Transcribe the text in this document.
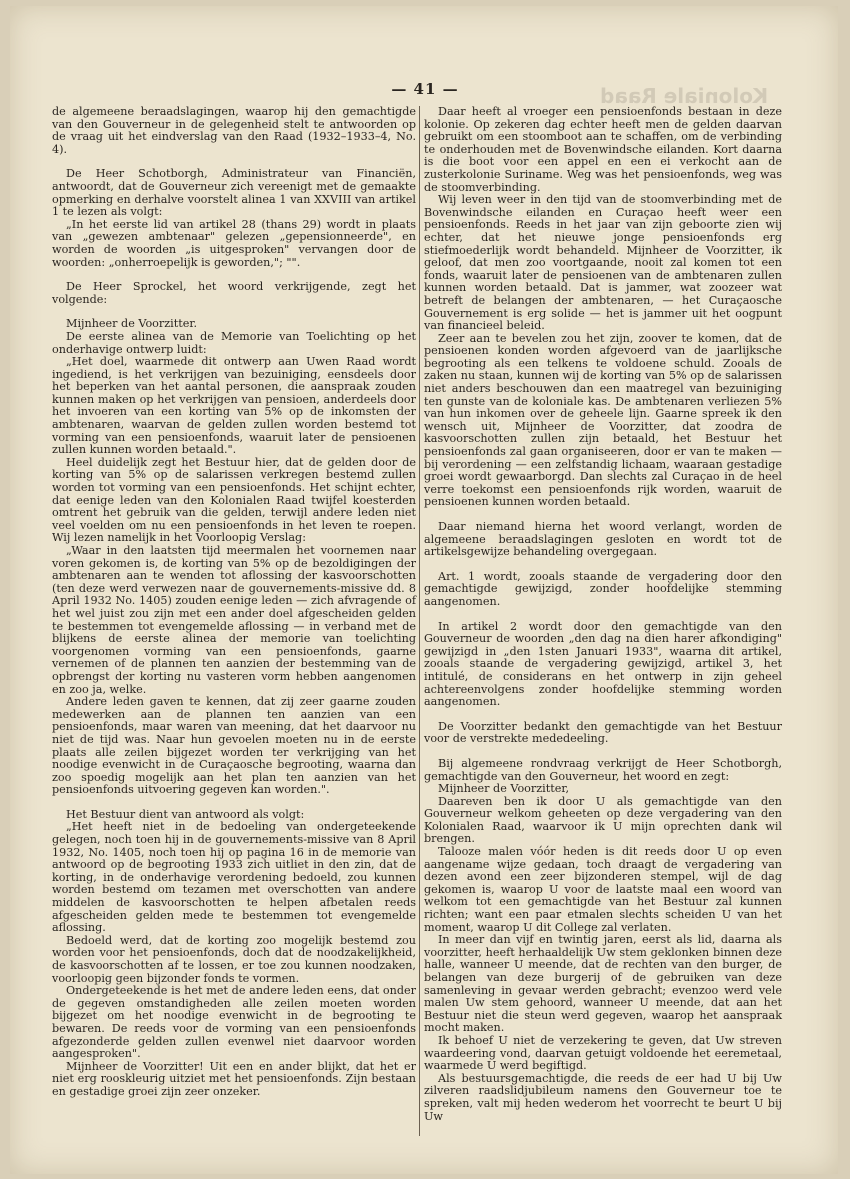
Koloniale Raad
— 41 —

de algemeene beraadslagingen, waarop hij den gemachtigde van den Gouverneur in de gelegenheid stelt te antwoorden op de vraag uit het eindverslag van den Raad (1932–1933–4, No. 4).

De Heer Schotborgh, Administrateur van Financiën, antwoordt, dat de Gouverneur zich vereenigt met de gemaakte opmerking en derhalve voorstelt alinea 1 van XXVIII van artikel 1 te lezen als volgt:

„In het eerste lid van artikel 28 (thans 29) wordt in plaats van „gewezen ambtenaar" gelezen „gepensionneerde", en worden de woorden „is uitgesproken" vervangen door de woorden: „onherroepelijk is geworden,"; "".

De Heer Sprockel, het woord verkrijgende, zegt het volgende:

Mijnheer de Voorzitter.

De eerste alinea van de Memorie van Toelichting op het onderhavige ontwerp luidt:

„Het doel, waarmede dit ontwerp aan Uwen Raad wordt ingediend, is het verkrijgen van bezuiniging, eensdeels door het beperken van het aantal personen, die aanspraak zouden kunnen maken op het verkrijgen van pensioen, anderdeels door het invoeren van een korting van 5% op de inkomsten der ambtenaren, waarvan de gelden zullen worden bestemd tot vorming van een pensioenfonds, waaruit later de pensioenen zullen kunnen worden betaald.".

Heel duidelijk zegt het Bestuur hier, dat de gelden door de korting van 5% op de salarissen verkregen bestemd zullen worden tot vorming van een pensioenfonds. Het schijnt echter, dat eenige leden van den Kolonialen Raad twijfel koesterden omtrent het gebruik van die gelden, terwijl andere leden niet veel voelden om nu een pensioenfonds in het leven te roepen. Wij lezen namelijk in het Voorloopig Verslag:

„Waar in den laatsten tijd meermalen het voornemen naar voren gekomen is, de korting van 5% op de bezoldigingen der ambtenaren aan te wenden tot aflossing der kasvoorschotten (ten deze werd verwezen naar de gouvernements-missive dd. 8 April 1932 No. 1405) zouden eenige leden — zich afvragende of het wel juist zou zijn met een ander doel afgescheiden gelden te bestemmen tot evengemelde aflossing — in verband met de blijkens de eerste alinea der memorie van toelichting voorgenomen vorming van een pensioenfonds, gaarne vernemen of de plannen ten aanzien der bestemming van de opbrengst der korting nu vasteren vorm hebben aangenomen en zoo ja, welke.

Andere leden gaven te kennen, dat zij zeer gaarne zouden medewerken aan de plannen ten aanzien van een pensioenfonds, maar waren van meening, dat het daarvoor nu niet de tijd was. Naar hun gevoelen moeten nu in de eerste plaats alle zeilen bijgezet worden ter verkrijging van het noodige evenwicht in de Curaçaosche begrooting, waarna dan zoo spoedig mogelijk aan het plan ten aanzien van het pensioenfonds uitvoering gegeven kan worden.".

Het Bestuur dient van antwoord als volgt:

„Het heeft niet in de bedoeling van ondergeteekende gelegen, noch toen hij in de gouvernements-missive van 8 April 1932, No. 1405, noch toen hij op pagina 16 in de memorie van antwoord op de begrooting 1933 zich uitliet in den zin, dat de korting, in de onderhavige verordening bedoeld, zou kunnen worden bestemd om tezamen met overschotten van andere middelen de kasvoorschotten te helpen afbetalen reeds afgescheiden gelden mede te bestemmen tot evengemelde aflossing.

Bedoeld werd, dat de korting zoo mogelijk bestemd zou worden voor het pensioenfonds, doch dat de noodzakelijkheid, de kasvoorschotten af te lossen, er toe zou kunnen noodzaken, voorloopig geen bijzonder fonds te vormen.

Ondergeteekende is het met de andere leden eens, dat onder de gegeven omstandigheden alle zeilen moeten worden bijgezet om het noodige evenwicht in de begrooting te bewaren. De reeds voor de vorming van een pensioenfonds afgezonderde gelden zullen evenwel niet daarvoor worden aangesproken".

Mijnheer de Voorzitter! Uit een en ander blijkt, dat het er niet erg rooskleurig uitziet met het pensioenfonds. Zijn bestaan en gestadige groei zijn zeer onzeker.

Daar heeft al vroeger een pensioenfonds bestaan in deze kolonie. Op zekeren dag echter heeft men de gelden daarvan gebruikt om een stoomboot aan te schaffen, om de verbinding te onderhouden met de Bovenwindsche eilanden. Kort daarna is die boot voor een appel en een ei verkocht aan de zusterkolonie Suriname. Weg was het pensioenfonds, weg was de stoomverbinding.

Wij leven weer in den tijd van de stoomverbinding met de Bovenwindsche eilanden en Curaçao heeft weer een pensioenfonds. Reeds in het jaar van zijn geboorte zien wij echter, dat het nieuwe jonge pensioenfonds erg stiefmoederlijk wordt behandeld. Mijnheer de Voorzitter, ik geloof, dat men zoo voortgaande, nooit zal komen tot een fonds, waaruit later de pensioenen van de ambtenaren zullen kunnen worden betaald. Dat is jammer, wat zoozeer wat betreft de belangen der ambtenaren, — het Curaçaosche Gouvernement is erg solide — het is jammer uit het oogpunt van financieel beleid.

Zeer aan te bevelen zou het zijn, zoover te komen, dat de pensioenen konden worden afgevoerd van de jaarlijksche begrooting als een telkens te voldoene schuld. Zooals de zaken nu staan, kunnen wij de korting van 5% op de salarissen niet anders beschouwen dan een maatregel van bezuiniging ten gunste van de koloniale kas. De ambtenaren verliezen 5% van hun inkomen over de geheele lijn. Gaarne spreek ik den wensch uit, Mijnheer de Voorzitter, dat zoodra de kasvoorschotten zullen zijn betaald, het Bestuur het pensioenfonds zal gaan organiseeren, door er van te maken — bij verordening — een zelfstandig lichaam, waaraan gestadige groei wordt gewaarborgd. Dan slechts zal Curaçao in de heel verre toekomst een pensioenfonds rijk worden, waaruit de pensioenen kunnen worden betaald.

Daar niemand hierna het woord verlangt, worden de algemeene beraadslagingen gesloten en wordt tot de artikelsgewijze behandeling overgegaan.

Art. 1 wordt, zooals staande de vergadering door den gemachtigde gewijzigd, zonder hoofdelijke stemming aangenomen.

In artikel 2 wordt door den gemachtigde van den Gouverneur de woorden „den dag na dien harer afkondiging" gewijzigd in „den 1sten Januari 1933", waarna dit artikel, zooals staande de vergadering gewijzigd, artikel 3, het intitulé, de considerans en het ontwerp in zijn geheel achtereenvolgens zonder hoofdelijke stemming worden aangenomen.

De Voorzitter bedankt den gemachtigde van het Bestuur voor de verstrekte mededeeling.

Bij algemeene rondvraag verkrijgt de Heer Schotborgh, gemachtigde van den Gouverneur, het woord en zegt:

Mijnheer de Voorzitter,

Daareven ben ik door U als gemachtigde van den Gouverneur welkom geheeten op deze vergadering van den Kolonialen Raad, waarvoor ik U mijn oprechten dank wil brengen.

Talooze malen vóór heden is dit reeds door U op even aangename wijze gedaan, toch draagt de vergadering van dezen avond een zeer bijzonderen stempel, wijl de dag gekomen is, waarop U voor de laatste maal een woord van welkom tot een gemachtigde van het Bestuur zal kunnen richten; want een paar etmalen slechts scheiden U van het moment, waarop U dit College zal verlaten.

In meer dan vijf en twintig jaren, eerst als lid, daarna als voorzitter, heeft herhaaldelijk Uw stem geklonken binnen deze halle, wanneer U meende, dat de rechten van den burger, de belangen van deze burgerij of de gebruiken van deze samenleving in gevaar werden gebracht; evenzoo werd vele malen Uw stem gehoord, wanneer U meende, dat aan het Bestuur niet die steun werd gegeven, waarop het aanspraak mocht maken.

Ik behoef U niet de verzekering te geven, dat Uw streven waardeering vond, daarvan getuigt voldoende het eeremetaal, waarmede U werd begiftigd.

Als bestuursgemachtigde, die reeds de eer had U bij Uw zilveren raadslidjubileum namens den Gouverneur toe te spreken, valt mij heden wederom het voorrecht te beurt U bij Uw
